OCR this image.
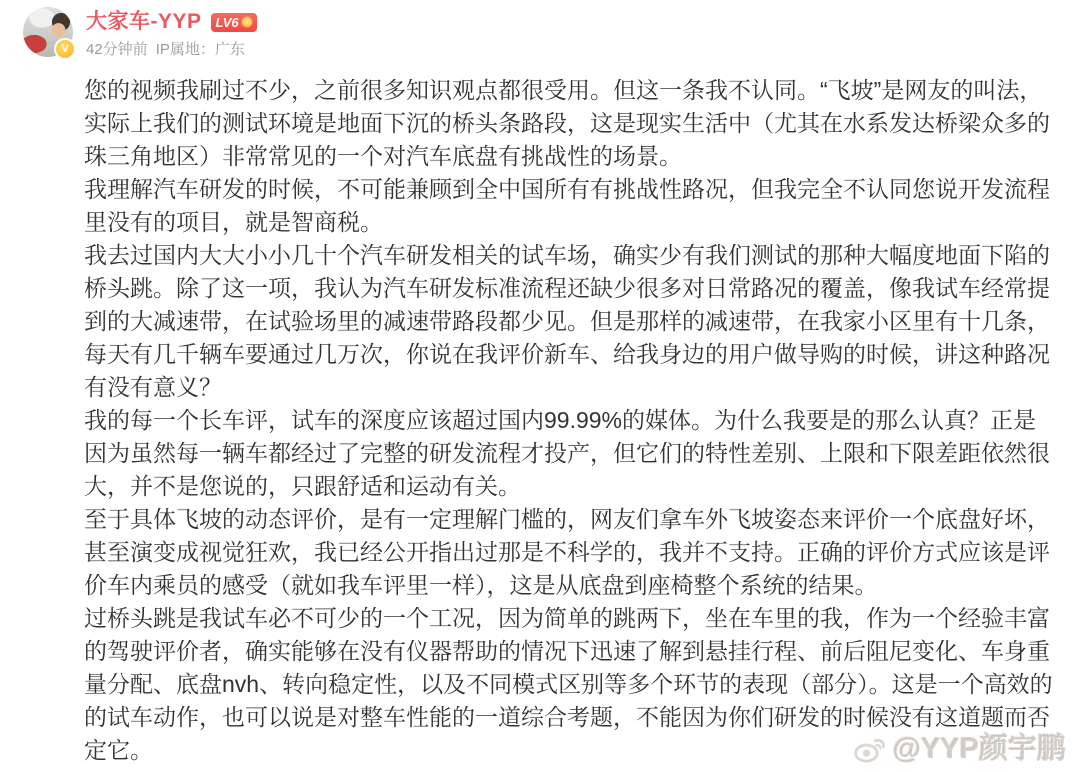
V
大家车-YYP LV6
42分钟前 IP属地：广东

您的视频我刷过不少，之前很多知识观点都很受用。但这一条我不认同。“飞坡”是网友的叫法，实际上我们的测试环境是地面下沉的桥头条路段，这是现实生活中（尤其在水系发达桥梁众多的珠三角地区）非常常见的一个对汽车底盘有挑战性的场景。

我理解汽车研发的时候，不可能兼顾到全中国所有有挑战性路况，但我完全不认同您说开发流程里没有的项目，就是智商税。

我去过国内大大小小几十个汽车研发相关的试车场，确实少有我们测试的那种大幅度地面下陷的桥头跳。除了这一项，我认为汽车研发标准流程还缺少很多对日常路况的覆盖，像我试车经常提到的大减速带，在试验场里的减速带路段都少见。但是那样的减速带，在我家小区里有十几条，每天有几千辆车要通过几万次，你说在我评价新车、给我身边的用户做导购的时候，讲这种路况有没有意义？

我的每一个长车评，试车的深度应该超过国内99.99%的媒体。为什么我要是的那么认真？正是因为虽然每一辆车都经过了完整的研发流程才投产，但它们的特性差别、上限和下限差距依然很大，并不是您说的，只跟舒适和运动有关。

至于具体飞坡的动态评价，是有一定理解门槛的，网友们拿车外飞坡姿态来评价一个底盘好坏，甚至演变成视觉狂欢，我已经公开指出过那是不科学的，我并不支持。正确的评价方式应该是评价车内乘员的感受（就如我车评里一样），这是从底盘到座椅整个系统的结果。

过桥头跳是我试车必不可少的一个工况，因为简单的跳两下，坐在车里的我，作为一个经验丰富的驾驶评价者，确实能够在没有仪器帮助的情况下迅速了解到悬挂行程、前后阻尼变化、车身重量分配、底盘nvh、转向稳定性，以及不同模式区别等多个环节的表现（部分）。这是一个高效的的试车动作，也可以说是对整车性能的一道综合考题，不能因为你们研发的时候没有这道题而否定它。	@YYP颜宇鹏
